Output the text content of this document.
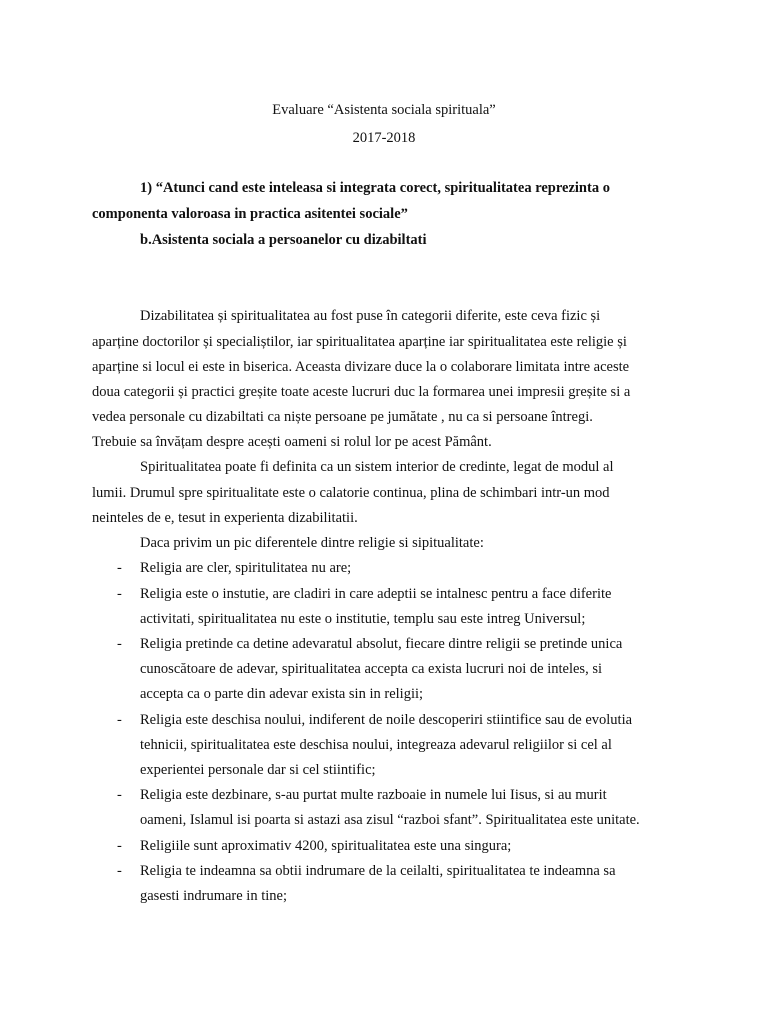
Evaluare “Asistenta sociala spirituala”
2017-2018
1) “Atunci cand este inteleasa si integrata corect, spiritualitatea reprezinta o
componenta valoroasa in practica asitentei sociale”
b.Asistenta sociala a persoanelor cu dizabiltati
Dizabilitatea și spiritualitatea au fost puse în categorii diferite, este ceva fizic și
aparține doctorilor și specialiștilor, iar spiritualitatea aparține iar spiritualitatea este religie și
aparține si locul ei este in biserica. Aceasta divizare duce la o colaborare limitata intre aceste
doua categorii și practici greșite toate aceste lucruri duc la formarea unei impresii greșite si a
vedea personale cu dizabiltati ca niște persoane pe jumătate , nu ca si persoane întregi.
Trebuie sa învățam despre acești oameni si rolul lor pe acest Pământ.
Spiritualitatea poate fi definita ca un sistem interior de credinte, legat de modul al
lumii. Drumul spre spiritualitate este o calatorie continua, plina de schimbari intr-un mod
neinteles de e, tesut in experienta dizabilitatii.
Daca privim un pic diferentele dintre religie si sipitualitate:
- Religia are cler, spiritulitatea nu are;
- Religia este o instutie, are cladiri in care adeptii se intalnesc pentru a face diferite
activitati, spiritualitatea nu este o institutie, templu sau este intreg Universul;
- Religia pretinde ca detine adevaratul absolut, fiecare dintre religii se pretinde unica
cunoscătoare de adevar, spiritualitatea accepta ca exista lucruri noi de inteles, si
accepta ca o parte din adevar exista sin in religii;
- Religia este deschisa noului, indiferent de noile descoperiri stiintifice sau de evolutia
tehnicii, spiritualitatea este deschisa noului, integreaza adevarul religiilor si cel al
experientei personale dar si cel stiintific;
- Religia este dezbinare, s-au purtat multe razboaie in numele lui Iisus, si au murit
oameni, Islamul isi poarta si astazi asa zisul “razboi sfant”. Spiritualitatea este unitate.
- Religiile sunt aproximativ 4200, spiritualitatea este una singura;
- Religia te indeamna sa obtii indrumare de la ceilalti, spiritualitatea te indeamna sa
gasesti indrumare in tine;
